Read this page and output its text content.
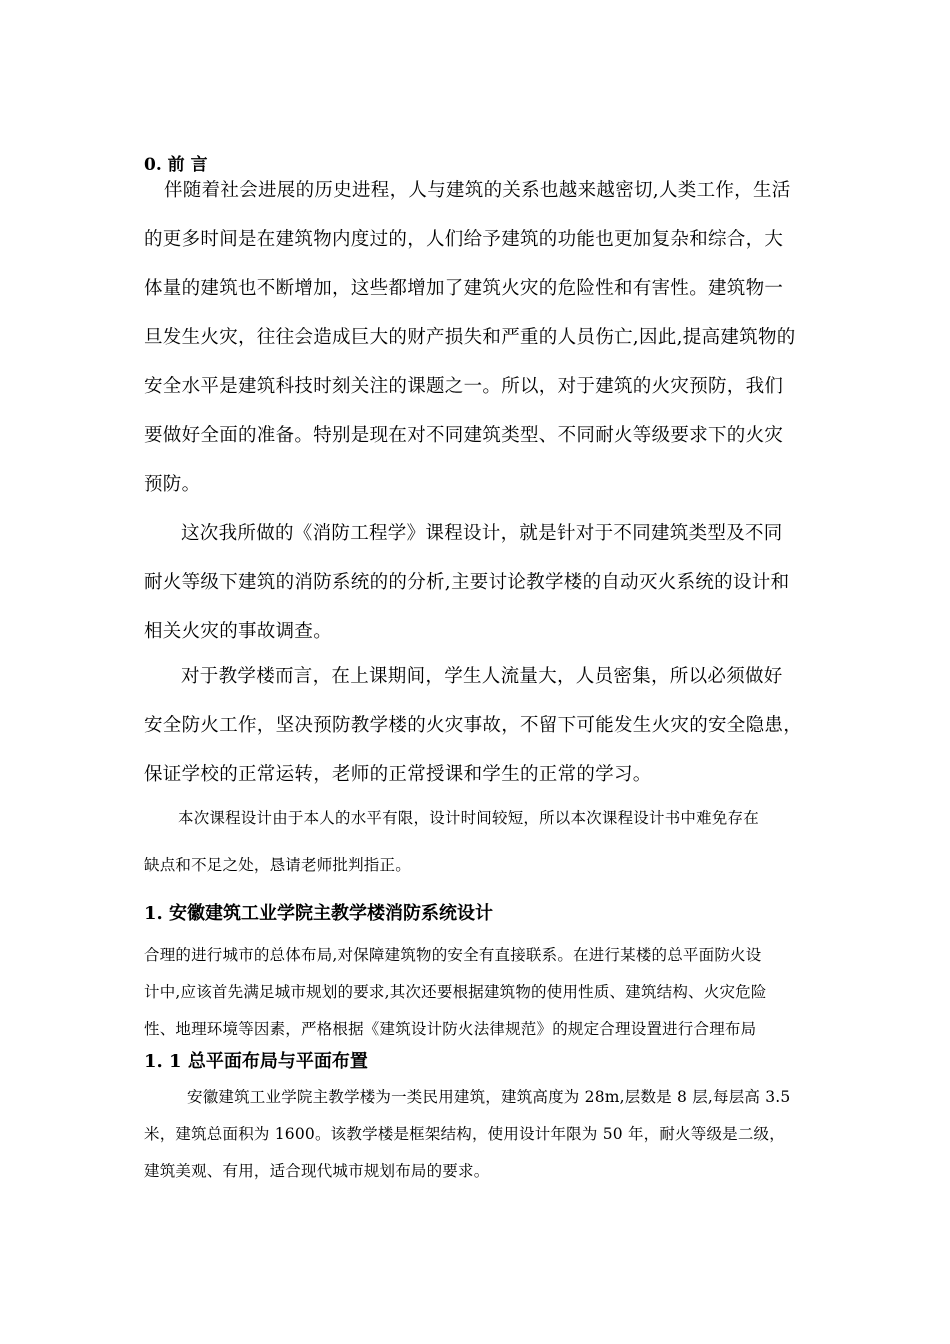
0. 前 言
伴随着社会进展的历史进程，人与建筑的关系也越来越密切,人类工作，生活
的更多时间是在建筑物内度过的，人们给予建筑的功能也更加复杂和综合，大
体量的建筑也不断增加，这些都增加了建筑火灾的危险性和有害性。建筑物一
旦发生火灾，往往会造成巨大的财产损失和严重的人员伤亡,因此,提高建筑物的
安全水平是建筑科技时刻关注的课题之一。所以，对于建筑的火灾预防，我们
要做好全面的准备。特别是现在对不同建筑类型、不同耐火等级要求下的火灾
预防。
这次我所做的《消防工程学》课程设计，就是针对于不同建筑类型及不同
耐火等级下建筑的消防系统的的分析,主要讨论教学楼的自动灭火系统的设计和
相关火灾的事故调查。
对于教学楼而言，在上课期间，学生人流量大，人员密集，所以必须做好
安全防火工作，坚决预防教学楼的火灾事故，不留下可能发生火灾的安全隐患，
保证学校的正常运转，老师的正常授课和学生的正常的学习。
本次课程设计由于本人的水平有限，设计时间较短，所以本次课程设计书中难免存在
缺点和不足之处，恳请老师批判指正。
1. 安徽建筑工业学院主教学楼消防系统设计
合理的进行城市的总体布局,对保障建筑物的安全有直接联系。在进行某楼的总平面防火设
计中,应该首先满足城市规划的要求,其次还要根据建筑物的使用性质、建筑结构、火灾危险
性、地理环境等因素，严格根据《建筑设计防火法律规范》的规定合理设置进行合理布局
1. 1 总平面布局与平面布置
安徽建筑工业学院主教学楼为一类民用建筑，建筑高度为 28m,层数是 8 层,每层高 3.5
米，建筑总面积为 1600。该教学楼是框架结构，使用设计年限为 50 年，耐火等级是二级，
建筑美观、有用，适合现代城市规划布局的要求。
